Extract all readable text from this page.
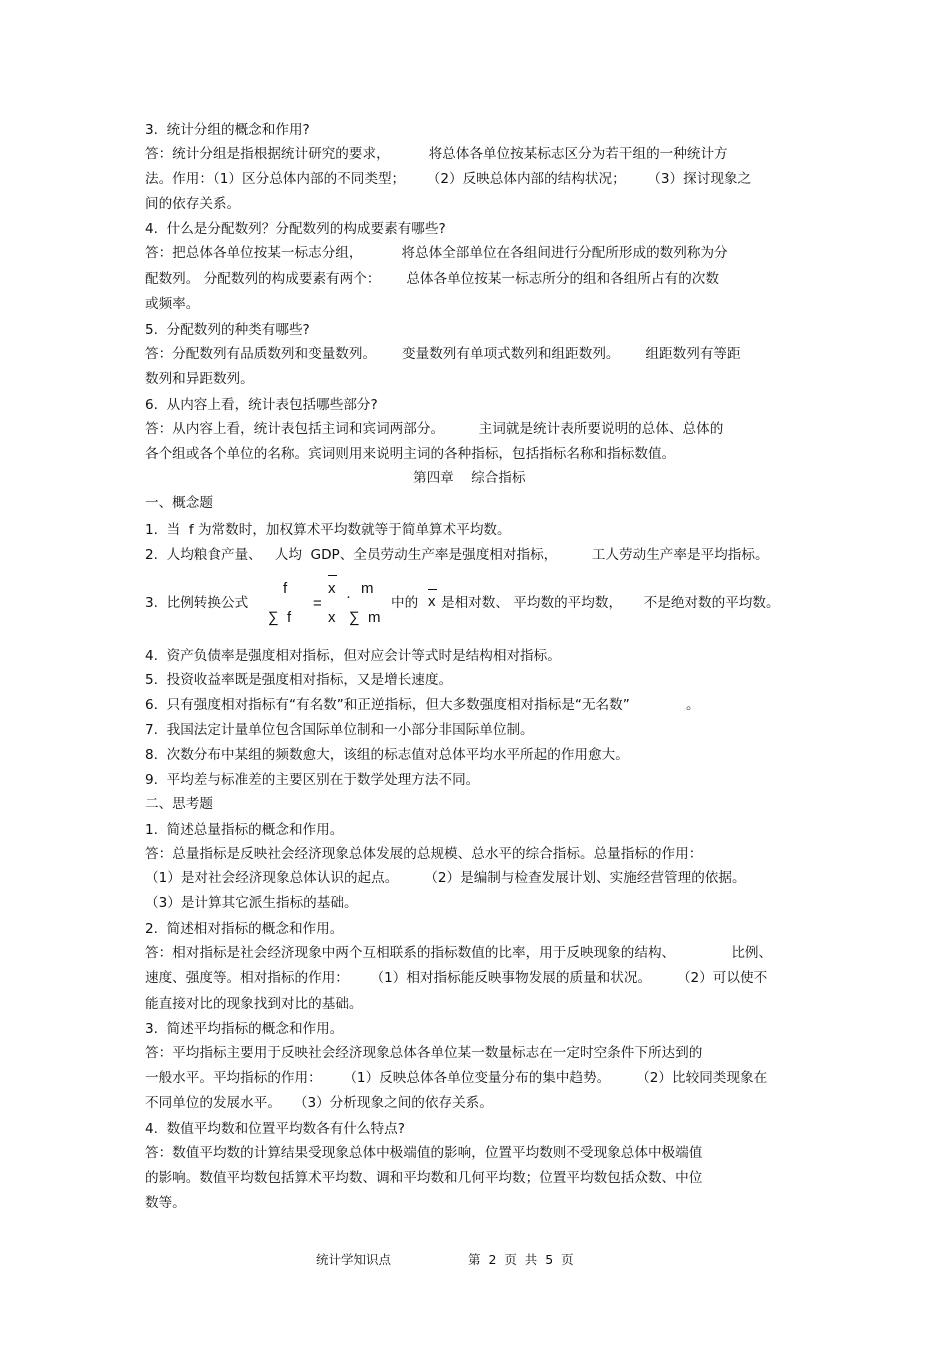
3.  统计分组的概念和作用?
答：统计分组是指根据统计研究的要求，         将总体各单位按某标志区分为若干组的一种统计方
法。作用：（1）区分总体内部的不同类型；     （2）反映总体内部的结构状况；     （3）探讨现象之
间的依存关系。
4.  什么是分配数列？分配数列的构成要素有哪些?
答：把总体各单位按某一标志分组，         将总体全部单位在各组间进行分配所形成的数列称为分
配数列。 分配数列的构成要素有两个：      总体各单位按某一标志所分的组和各组所占有的次数
或频率。
5.  分配数列的种类有哪些?
答：分配数列有品质数列和变量数列。      变量数列有单项式数列和组距数列。      组距数列有等距
数列和异距数列。
6.  从内容上看，统计表包括哪些部分?
答：从内容上看，统计表包括主词和宾词两部分。        主词就是统计表所要说明的总体、总体的
各个组或各个单位的名称。宾词则用来说明主词的各种指标，包括指标名称和指标数值。
第四章    综合指标
一、概念题
1.  当  f 为常数时，加权算术平均数就等于简单算术平均数。
2.  人均粮食产量、   人均  GDP、全员劳动生产率是强度相对指标，        工人劳动生产率是平均指标。
3.  比例转换公式
f
∑  f
=
x · m
x ∑  m
中的 x 是相对数、 平均数的平均数，     不是绝对数的平均数。
4.  资产负债率是强度相对指标，但对应会计等式时是结构相对指标。
5.  投资收益率既是强度相对指标，又是增长速度。
6.  只有强度相对指标有“有名数”和正逆指标，但大多数强度相对指标是“无名数”             。
7.  我国法定计量单位包含国际单位制和一小部分非国际单位制。
8.  次数分布中某组的频数愈大，该组的标志值对总体平均水平所起的作用愈大。
9.  平均差与标准差的主要区别在于数学处理方法不同。
二、思考题
1.  简述总量指标的概念和作用。
答：总量指标是反映社会经济现象总体发展的总规模、总水平的综合指标。总量指标的作用：
（1）是对社会经济现象总体认识的起点。      （2）是编制与检查发展计划、实施经营管理的依据。
（3）是计算其它派生指标的基础。
2.  简述相对指标的概念和作用。
答：相对指标是社会经济现象中两个互相联系的指标数值的比率，用于反映现象的结构、             比例、
速度、强度等。相对指标的作用：     （1）相对指标能反映事物发展的质量和状况。      （2）可以使不
能直接对比的现象找到对比的基础。
3.  简述平均指标的概念和作用。
答：平均指标主要用于反映社会经济现象总体各单位某一数量标志在一定时空条件下所达到的
一般水平。平均指标的作用：     （1）反映总体各单位变量分布的集中趋势。      （2）比较同类现象在
不同单位的发展水平。   （3）分析现象之间的依存关系。
4.  数值平均数和位置平均数各有什么特点?
答：数值平均数的计算结果受现象总体中极端值的影响，位置平均数则不受现象总体中极端值
的影响。数值平均数包括算术平均数、调和平均数和几何平均数；位置平均数包括众数、中位
数等。
统计学知识点	第  2  页  共  5  页
